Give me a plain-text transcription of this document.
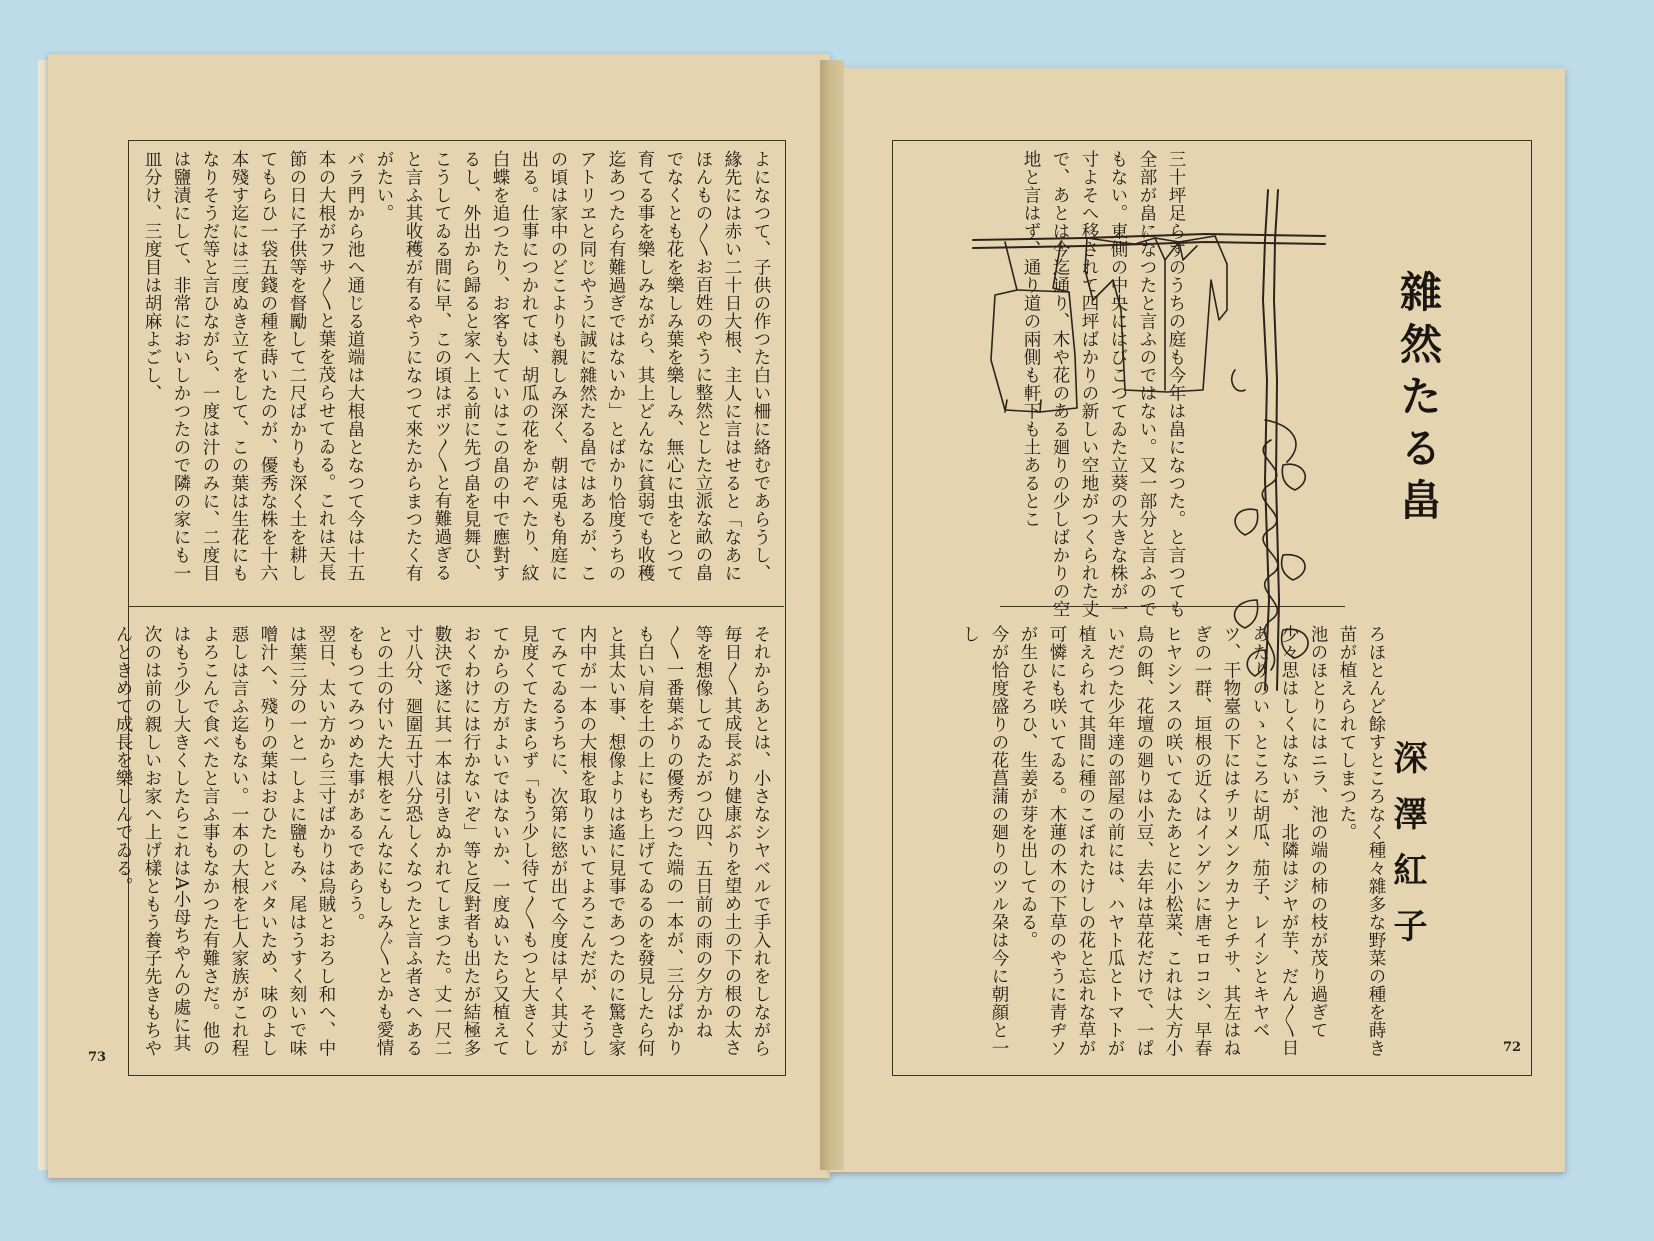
よになつて、子供の作つた白い柵に絡むであらうし、緣先には赤い二十日大根、主人に言はせると「なあにほんもの〳〵お百姓のやうに整然とした立派な畝の畠でなくとも花を樂しみ葉を樂しみ、無心に虫をとつて育てる事を樂しみながら、其上どんなに貧弱でも收穫迄あつたら有難過ぎではないか」とばかり恰度うちのアトリヱと同じやうに誠に雜然たる畠ではあるが、この頃は家中のどこよりも親しみ深く、朝は兎も角庭に出る。仕事につかれては、胡瓜の花をかぞへたり、紋白蝶を追つたり、お客も大ていはこの畠の中で應對するし、外出から歸ると家へ上る前に先づ畠を見舞ひ、こうしてゐる間に早、この頃はボツ〳〵と有難過ぎると言ふ其收穫が有るやうになつて來たからまつたく有がたい。
バラ門から池へ通じる道端は大根畠となつて今は十五本の大根がフサ〳〵と葉を茂らせてゐる。これは天長節の日に子供等を督勵して二尺ばかりも深く土を耕してもらひ一袋五錢の種を蒔いたのが、優秀な株を十六本殘す迄には三度ぬき立てをして、この葉は生花にもなりそうだ等と言ひながら、一度は汁のみに、二度目は鹽漬にして、非常においしかつたので隣の家にも一皿分け、三度目は胡麻よごし、
それからあとは、小さなシヤベルで手入れをしながら毎日〳〵其成長ぶり健康ぶりを望め土の下の根の太さ等を想像してゐたがつひ四、五日前の雨の夕方かね〳〵一番葉ぶりの優秀だつた端の一本が、三分ばかりも白い肩を土の上にもち上げてゐるのを發見したら何と其太い事、想像よりは遙に見事であつたのに驚き家内中が一本の大根を取りまいてよろこんだが、そうしてみてゐるうちに、次第に慾が出て今度は早く其丈が見度くてたまらず「もう少し待て〳〵もつと大きくしてからの方がよいではないか、一度ぬいたら又植えておくわけには行かないぞ」等と反對者も出たが結極多數決で遂に其一本は引きぬかれてしまつた。丈一尺二寸八分、廻圍五寸八分恐しくなつたと言ふ者さへあるとの土の付いた大根をこんなにもしみ〴〵とかも愛情をもつてみつめた事があるであらう。
翌日、太い方から三寸ばかりは烏賊とおろし和へ、中は葉三分の一と一しよに鹽もみ、尾はうすく刻いで味噌汁へ、殘りの葉はおひたしとバタいため、味のよし惡しは言ふ迄もない。一本の大根を七人家族がこれ程よろこんで食べたと言ふ事もなかつた有難さだ。他のはもう少し大きくしたらこれはA小母ちやんの處に其次のは前の親しいお家へ上げ樣ともう養子先きもちやんときめて成長を樂しんでゐる。
三十坪足らずのうちの庭も今年は畠になつた。と言つても全部が畠になつたと言ふのではない。又一部分と言ふのでもない。東側の中央にはびこつてゐた立葵の大きな株が一寸よそへ移されて四坪ばかりの新しい空地がつくられた丈で、あとは今迄通り、木や花のある廻りの少しばかりの空地と言はず、通り道の兩側も軒下も土あるとこ
ろほとんど餘すところなく種々雜多な野菜の種を蒔き苗が植えられてしまつた。
池のほとりにはニラ、池の端の柿の枝が茂り過ぎて少々思はしくはないが、北隣はジヤが芋、だん〳〵日あたりのいゝところに胡瓜、茄子、レイシとキヤベツ、干物臺の下にはチリメンクカナとチサ、其左はねぎの一群、垣根の近くはインゲンに唐モロコシ、早春ヒヤシンスの咲いてゐたあとに小松菜、これは大方小鳥の餌、花壇の廻りは小豆、去年は草花だけで、一ぱいだつた少年達の部屋の前には、ハヤト瓜とトマトが植えられて其間に種のこぼれたけしの花と忘れな草が可憐にも咲いてゐる。木蓮の木の下草のやうに青ヂソが生ひそろひ、生姜が芽を出してゐる。
今が恰度盛りの花菖蒲の廻りのツル朶は今に朝顔と一し
雜然たる畠
深澤紅子
73
72
